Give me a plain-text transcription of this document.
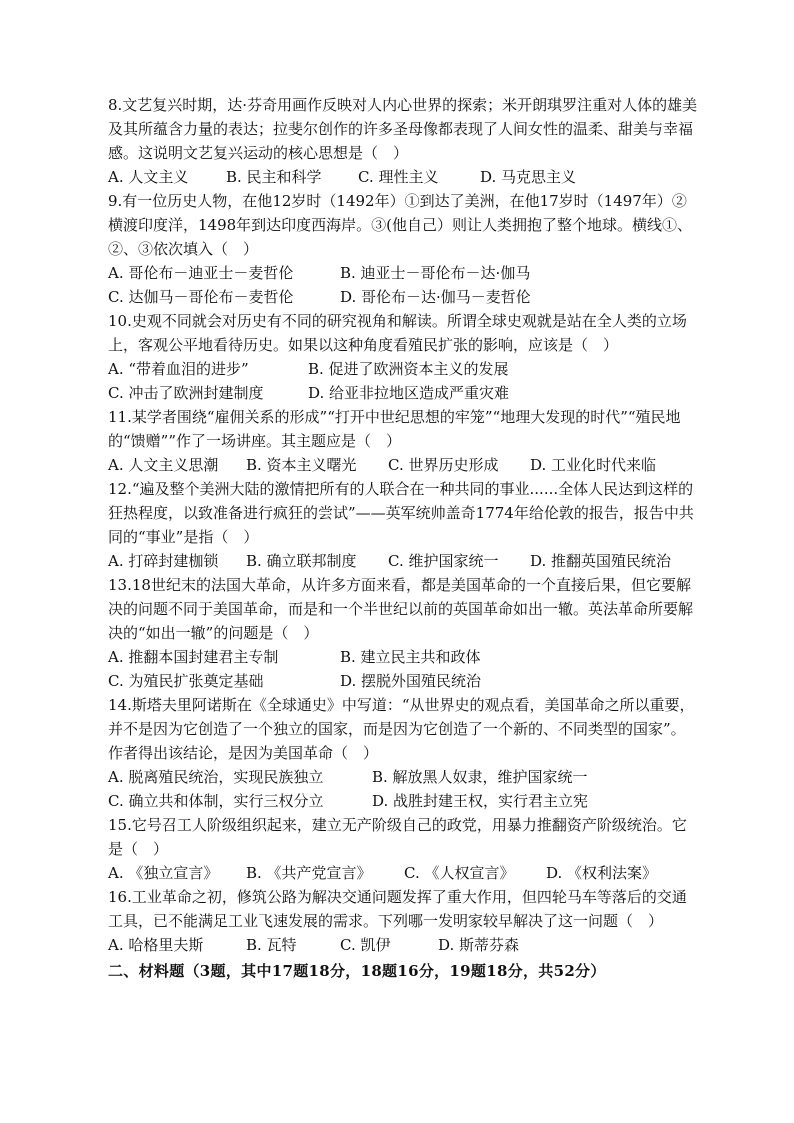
8.文艺复兴时期，达·芬奇用画作反映对人内心世界的探索；米开朗琪罗注重对人体的雄美及其所蕴含力量的表达；拉斐尔创作的许多圣母像都表现了人间女性的温柔、甜美与幸福感。这说明文艺复兴运动的核心思想是（　）

A. 人文主义	B. 民主和科学 C. 理性主义	D. 马克思主义

9.有一位历史人物，在他12岁时（1492年）①到达了美洲，在他17岁时（1497年）②横渡印度洋，1498年到达印度西海岸。③(他自己）则让人类拥抱了整个地球。横线①、②、③依次填入（　）

A. 哥伦布－迪亚士－麦哲伦	B. 迪亚士－哥伦布－达·伽马
C. 达伽马－哥伦布－麦哲伦	D. 哥伦布－达·伽马－麦哲伦

10.史观不同就会对历史有不同的研究视角和解读。所谓全球史观就是站在全人类的立场上，客观公平地看待历史。如果以这种角度看殖民扩张的影响，应该是（　）

A. “带着血泪的进步”	B. 促进了欧洲资本主义的发展
C. 冲击了欧洲封建制度	D. 给亚非拉地区造成严重灾难

11.某学者围绕“雇佣关系的形成”“打开中世纪思想的牢笼”“地理大发现的时代”“殖民地的“馈赠””作了一场讲座。其主题应是（　）

A. 人文主义思潮 B. 资本主义曙光 C. 世界历史形成 D. 工业化时代来临

12.“遍及整个美洲大陆的激情把所有的人联合在一种共同的事业......全体人民达到这样的狂热程度，以致准备进行疯狂的尝试”——英军统帅盖奇1774年给伦敦的报告，报告中共同的“事业”是指（　）

A. 打碎封建枷锁 B. 确立联邦制度 C. 维护国家统一 D. 推翻英国殖民统治

13.18世纪末的法国大革命，从许多方面来看，都是美国革命的一个直接后果，但它要解决的问题不同于美国革命，而是和一个半世纪以前的英国革命如出一辙。英法革命所要解决的“如出一辙”的问题是（　）

A. 推翻本国封建君主专制	B. 建立民主共和政体
C. 为殖民扩张奠定基础	D. 摆脱外国殖民统治

14.斯塔夫里阿诺斯在《全球通史》中写道：“从世界史的观点看，美国革命之所以重要，并不是因为它创造了一个独立的国家，而是因为它创造了一个新的、不同类型的国家”。作者得出该结论，是因为美国革命（　）

A. 脱离殖民统治，实现民族独立	B. 解放黑人奴隶，维护国家统一
C. 确立共和体制，实行三权分立	D. 战胜封建王权，实行君主立宪

15.它号召工人阶级组织起来，建立无产阶级自己的政党，用暴力推翻资产阶级统治。它是（　）

A. 《独立宣言》 B. 《共产党宣言》 C. 《人权宣言》 D. 《权利法案》

16.工业革命之初，修筑公路为解决交通问题发挥了重大作用，但四轮马车等落后的交通工具，已不能满足工业飞速发展的需求。下列哪一发明家较早解决了这一问题（　）

A. 哈格里夫斯	B. 瓦特	C. 凯伊	D. 斯蒂芬森
二、材料题（3题，其中17题18分，18题16分，19题18分，共52分）
